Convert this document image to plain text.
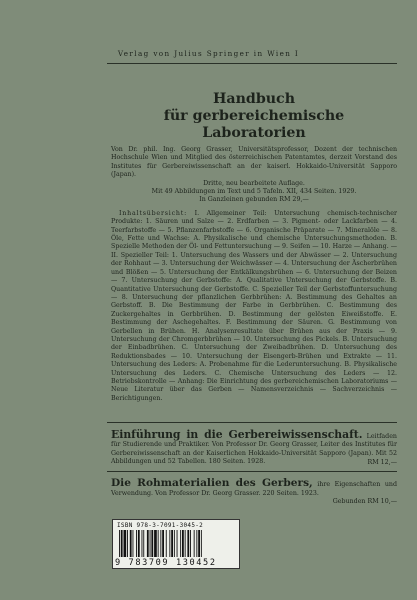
Verlag von Julius Springer in Wien I
Handbuch
für gerbereichemische Laboratorien

Von Dr. phil. Ing. Georg Grasser, Universitätsprofessor, Dozent der technischen Hochschule Wien und Mitglied des österreichischen Patentamtes, derzeit Vorstand des Institutes für Gerbereiwissenschaft an der kaiserl. Hokkaido-Universität Sapporo (Japan).

Dritte, neu bearbeitete Auflage.

Mit 49 Abbildungen im Text und 5 Tafeln. XII, 434 Seiten. 1929.

In Ganzleinen gebunden RM 29,—

Inhaltsübersicht: I. Allgemeiner Teil: Untersuchung chemisch-technischer Produkte: 1. Säuren und Salze — 2. Erdfarben — 3. Pigment- oder Lackfarben — 4. Teerfarbstoffe — 5. Pflanzenfarbstoffe — 6. Organische Präparate — 7. Mineralöle — 8. Öle, Fette und Wachse: A. Physikalische und chemische Untersuchungsmethoden. B. Spezielle Methoden der Öl- und Fettuntersuchung — 9. Seifen — 10. Harze — Anhang. — II. Spezieller Teil: 1. Untersuchung des Wassers und der Abwässer — 2. Untersuchung der Rohhaut — 3. Untersuchung der Weichwässer — 4. Untersuchung der Äscherbrühen und Blößen — 5. Untersuchung der Entkälkungsbrühen — 6. Untersuchung der Beizen — 7. Untersuchung der Gerbstoffe: A. Qualitative Untersuchung der Gerbstoffe. B. Quantitative Untersuchung der Gerbstoffe. C. Spezieller Teil der Gerbstoffuntersuchung — 8. Untersuchung der pflanzlichen Gerbbrühen: A. Bestimmung des Gehaltes an Gerbstoff. B. Die Bestimmung der Farbe in Gerbbrühen. C. Bestimmung des Zuckergehaltes in Gerbbrühen. D. Bestimmung der gelösten Eiweißstoffe. E. Bestimmung der Aschegehaltes. F. Bestimmung der Säuren. G. Bestimmung von Gerbellen in Brühen. H. Analysenresultate über Brühen aus der Praxis — 9. Untersuchung der Chromgerbbrühen — 10. Untersuchung des Pickels. B. Untersuchung der Einbadbrühen. C. Untersuchung der Zweibadbrühen. D. Untersuchung des Reduktionsbades — 10. Untersuchung der Eisengerb-Brühen und Extrakte — 11. Untersuchung des Leders: A. Probenahme für die Lederuntersuchung. B. Physikalische Untersuchung des Leders. C. Chemische Untersuchung des Leders — 12. Betriebskontrolle — Anhang: Die Einrichtung des gerbereichemischen Laboratoriums — Neue Literatur über das Gerben — Namensverzeichnis — Sachverzeichnis — Berichtigungen.

Einführung in die Gerbereiwissenschaft. Leitfaden für Studierende und Praktiker. Von Professor Dr. Georg Grasser, Leiter des Institutes für Gerbereiwissenschaft an der Kaiserlichen Hokkaido-Universität Sapporo (Japan). Mit 52 Abbildungen und 52 Tabellen. 180 Seiten. 1928.	RM 12,—

Die Rohmaterialien des Gerbers, ihre Eigenschaften und Verwendung. Von Professor Dr. Georg Grasser. 220 Seiten. 1923.

Gebunden RM 10,—

ISBN 978-3-7091-3045-2
9 783709 130452
